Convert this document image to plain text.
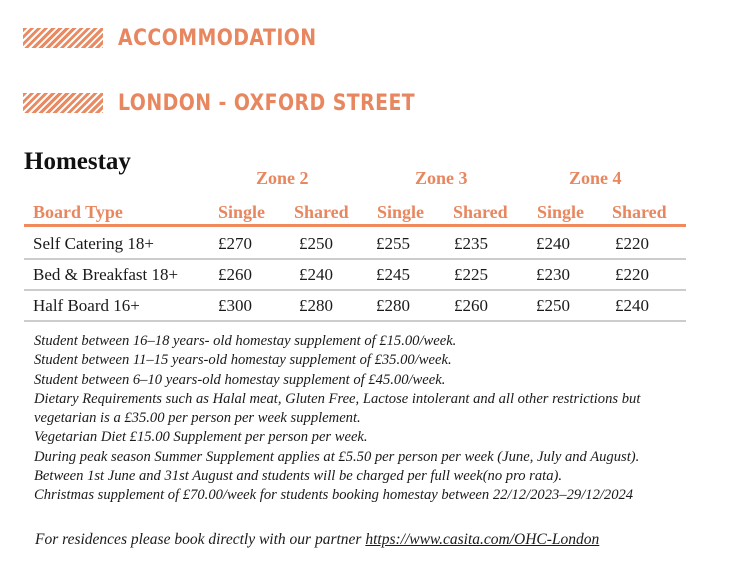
ACCOMMODATION
LONDON - OXFORD STREET
Homestay
Zone 2	Zone 3	Zone 4
Board Type	Single Shared Single Shared Single Shared
Self Catering 18+	£270	£250	£255	£235	£240	£220
Bed & Breakfast 18+ £260	£240	£245	£225	£230	£220
Half Board 16+	£300	£280	£280	£260	£250	£240
Student between 16–18 years- old homestay supplement of £15.00/week.
Student between 11–15 years-old homestay supplement of £35.00/week.
Student between 6–10 years-old homestay supplement of £45.00/week.
Dietary Requirements such as Halal meat, Gluten Free, Lactose intolerant and all other restrictions but
vegetarian is a £35.00 per person per week supplement.
Vegetarian Diet £15.00 Supplement per person per week.
During peak season Summer Supplement applies at £5.50 per person per week (June, July and August).
Between 1st June and 31st August and students will be charged per full week(no pro rata).
Christmas supplement of £70.00/week for students booking homestay between 22/12/2023–29/12/2024
For residences please book directly with our partner https://www.casita.com/OHC-London
